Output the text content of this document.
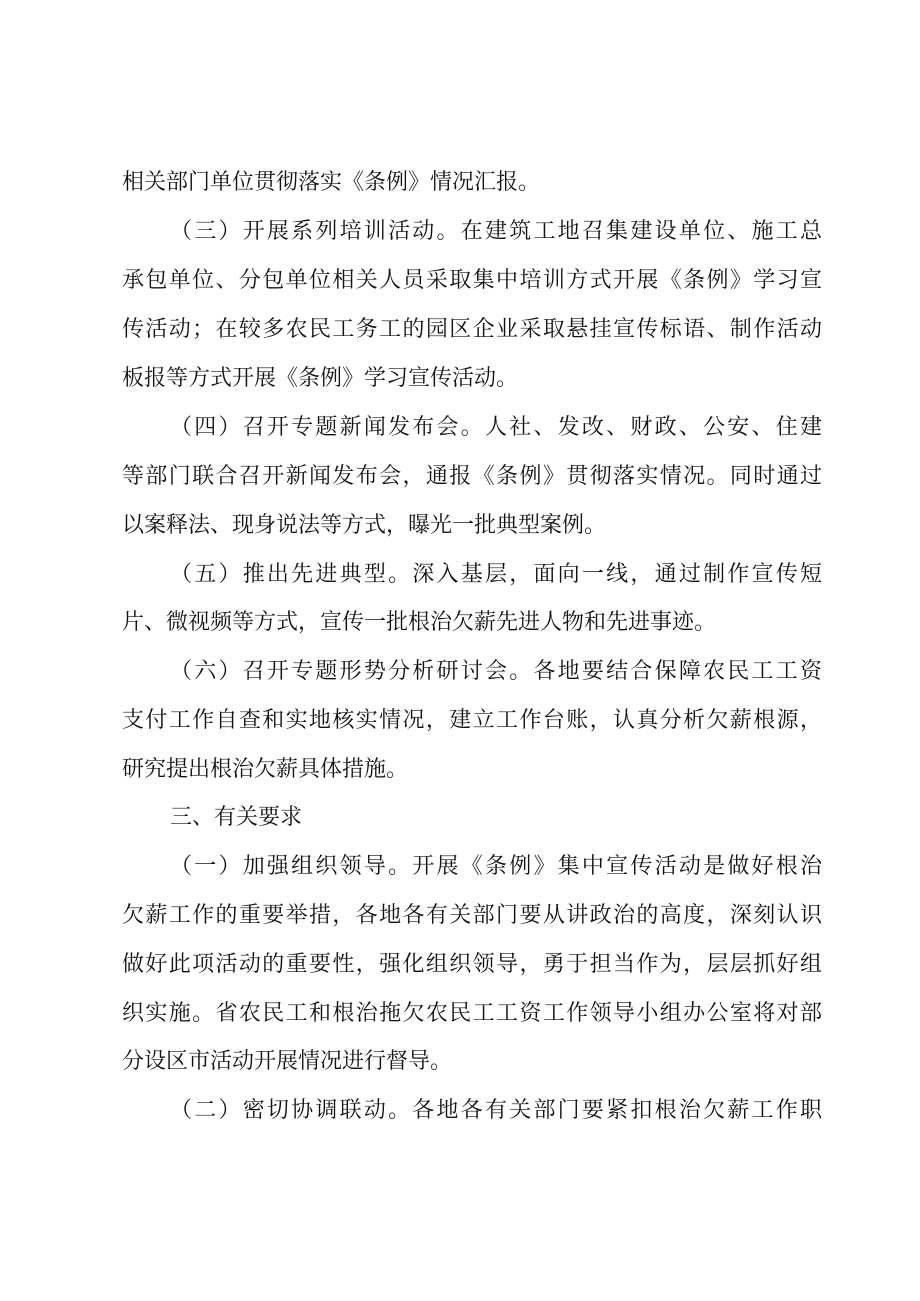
相关部门单位贯彻落实《条例》情况汇报。
（三）开展系列培训活动。在建筑工地召集建设单位、施工总
承包单位、分包单位相关人员采取集中培训方式开展《条例》学习宣
传活动；在较多农民工务工的园区企业采取悬挂宣传标语、制作活动
板报等方式开展《条例》学习宣传活动。
（四）召开专题新闻发布会。人社、发改、财政、公安、住建
等部门联合召开新闻发布会，通报《条例》贯彻落实情况。同时通过
以案释法、现身说法等方式，曝光一批典型案例。
（五）推出先进典型。深入基层，面向一线，通过制作宣传短
片、微视频等方式，宣传一批根治欠薪先进人物和先进事迹。
（六）召开专题形势分析研讨会。各地要结合保障农民工工资
支付工作自查和实地核实情况，建立工作台账，认真分析欠薪根源，
研究提出根治欠薪具体措施。
三、有关要求
（一）加强组织领导。开展《条例》集中宣传活动是做好根治
欠薪工作的重要举措，各地各有关部门要从讲政治的高度，深刻认识
做好此项活动的重要性，强化组织领导，勇于担当作为，层层抓好组
织实施。省农民工和根治拖欠农民工工资工作领导小组办公室将对部
分设区市活动开展情况进行督导。
（二）密切协调联动。各地各有关部门要紧扣根治欠薪工作职
